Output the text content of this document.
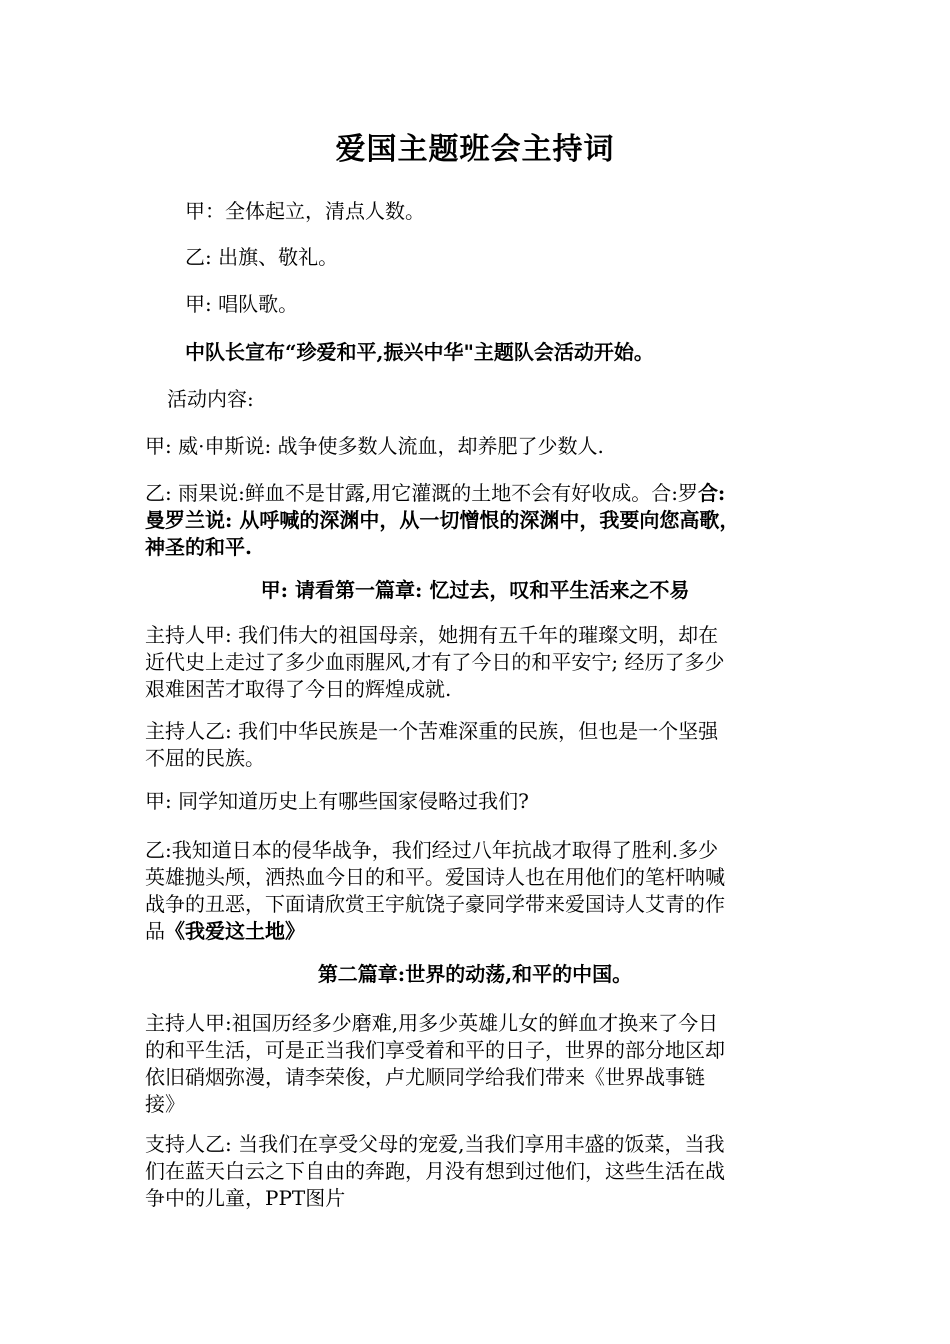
爱国主题班会主持词
甲：全体起立，清点人数。
乙: 出旗、敬礼。
甲: 唱队歌。
中队长宣布“珍爱和平,振兴中华"主题队会活动开始。
活动内容:
甲: 威·申斯说: 战争使多数人流血，却养肥了少数人.
乙: 雨果说:鲜血不是甘露,用它灌溉的土地不会有好收成。合:罗合:
曼罗兰说: 从呼喊的深渊中，从一切憎恨的深渊中，我要向您高歌，
神圣的和平.
甲: 请看第一篇章: 忆过去，叹和平生活来之不易
主持人甲: 我们伟大的祖国母亲，她拥有五千年的璀璨文明，却在
近代史上走过了多少血雨腥风,才有了今日的和平安宁; 经历了多少
艰难困苦才取得了今日的辉煌成就.
主持人乙: 我们中华民族是一个苦难深重的民族，但也是一个坚强
不屈的民族。
甲: 同学知道历史上有哪些国家侵略过我们?
乙:我知道日本的侵华战争，我们经过八年抗战才取得了胜利.多少
英雄抛头颅，洒热血今日的和平。爱国诗人也在用他们的笔杆呐喊
战争的丑恶，下面请欣赏王宇航饶子豪同学带来爱国诗人艾青的作
品《我爱这土地》
第二篇章:世界的动荡,和平的中国。
主持人甲:祖国历经多少磨难,用多少英雄儿女的鲜血才换来了今日
的和平生活，可是正当我们享受着和平的日子，世界的部分地区却
依旧硝烟弥漫，请李荣俊，卢尤顺同学给我们带来《世界战事链
接》
支持人乙: 当我们在享受父母的宠爱,当我们享用丰盛的饭菜，当我
们在蓝天白云之下自由的奔跑，月没有想到过他们，这些生活在战
争中的儿童，PPT图片
